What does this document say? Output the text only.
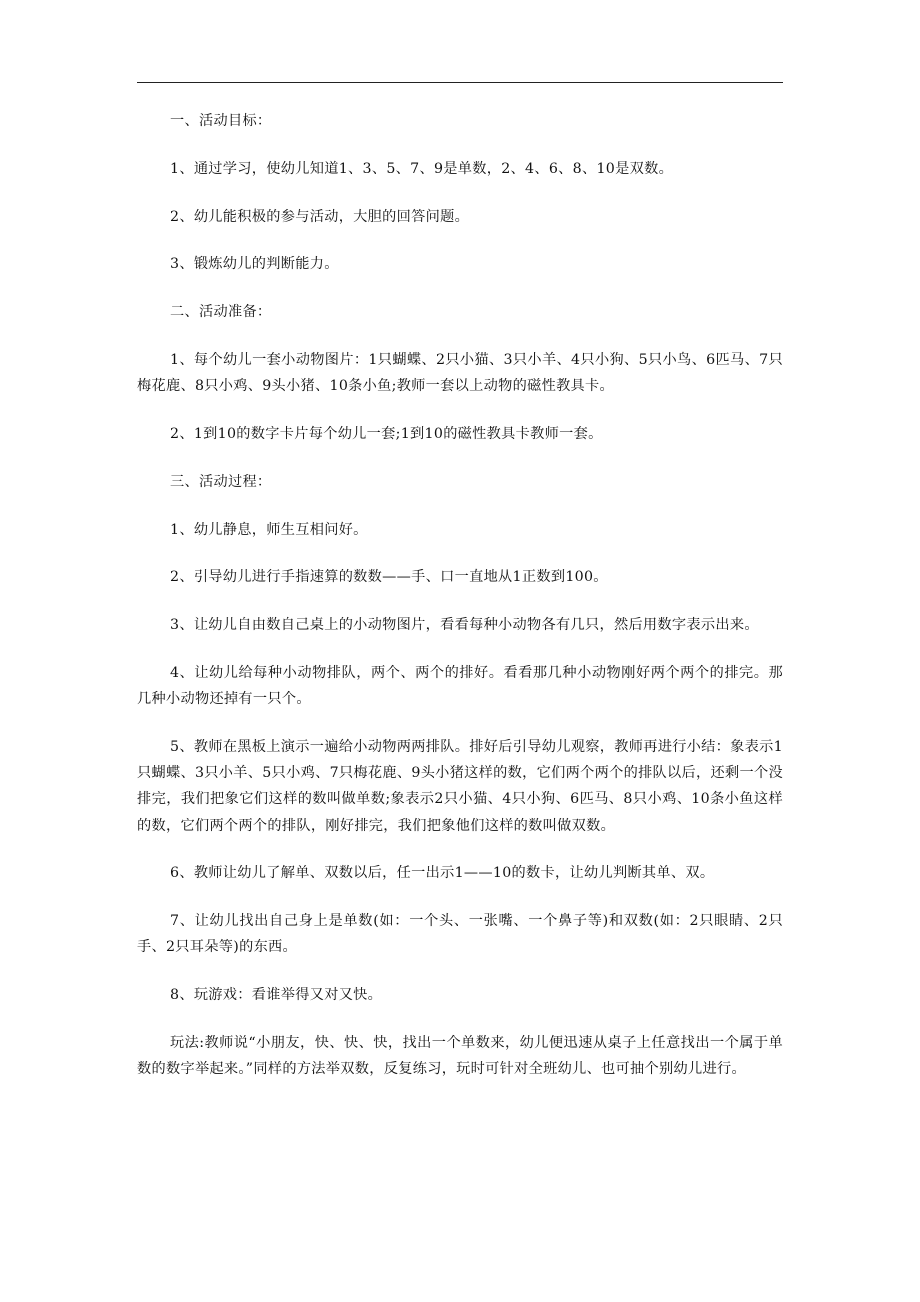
一、活动目标：

1、通过学习，使幼儿知道1、3、5、7、9是单数，2、4、6、8、10是双数。

2、幼儿能积极的参与活动，大胆的回答问题。

3、锻炼幼儿的判断能力。

二、活动准备：

1、每个幼儿一套小动物图片：1只蝴蝶、2只小猫、3只小羊、4只小狗、5只小鸟、6匹马、7只梅花鹿、8只小鸡、9头小猪、10条小鱼;教师一套以上动物的磁性教具卡。

2、1到10的数字卡片每个幼儿一套;1到10的磁性教具卡教师一套。

三、活动过程：

1、幼儿静息，师生互相问好。

2、引导幼儿进行手指速算的数数——手、口一直地从1正数到100。

3、让幼儿自由数自己桌上的小动物图片，看看每种小动物各有几只，然后用数字表示出来。

4、让幼儿给每种小动物排队，两个、两个的排好。看看那几种小动物刚好两个两个的排完。那几种小动物还掉有一只个。

5、教师在黑板上演示一遍给小动物两两排队。排好后引导幼儿观察，教师再进行小结：象表示1只蝴蝶、3只小羊、5只小鸡、7只梅花鹿、9头小猪这样的数，它们两个两个的排队以后，还剩一个没排完，我们把象它们这样的数叫做单数;象表示2只小猫、4只小狗、6匹马、8只小鸡、10条小鱼这样的数，它们两个两个的排队，刚好排完，我们把象他们这样的数叫做双数。

6、教师让幼儿了解单、双数以后，任一出示1——10的数卡，让幼儿判断其单、双。

7、让幼儿找出自己身上是单数(如：一个头、一张嘴、一个鼻子等)和双数(如：2只眼睛、2只手、2只耳朵等)的东西。

8、玩游戏：看谁举得又对又快。

玩法:教师说“小朋友，快、快、快，找出一个单数来，幼儿便迅速从桌子上任意找出一个属于单数的数字举起来。”同样的方法举双数，反复练习，玩时可针对全班幼儿、也可抽个别幼儿进行。
